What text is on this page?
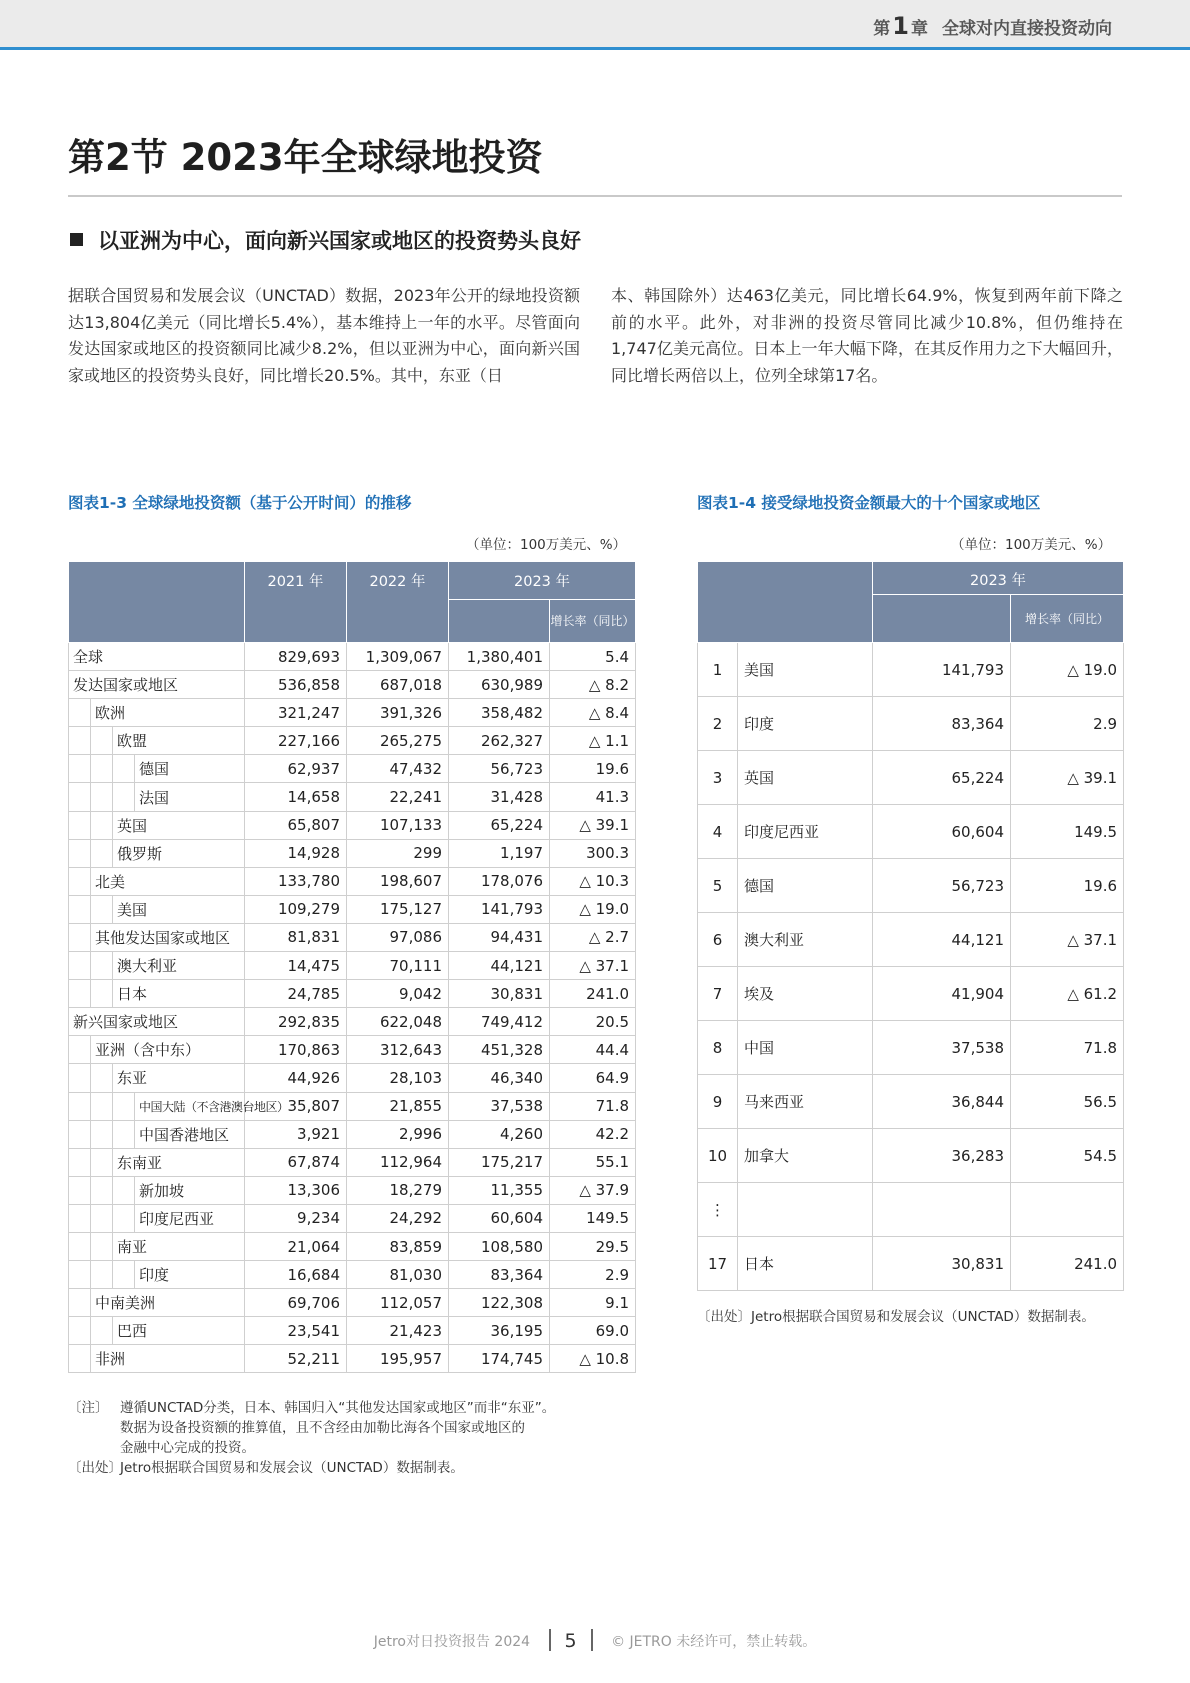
第1 章 全球对内直接投资动向
第2节 2023年全球绿地投资
以亚洲为中心，面向新兴国家或地区的投资势头良好
据联合国贸易和发展会议（UNCTAD）数据，2023年公开的绿地投资额达13,804亿美元（同比增长5.4%），基本维持上一年的水平。尽管面向发达国家或地区的投资额同比减少8.2%，但以亚洲为中心，面向新兴国家或地区的投资势头良好，同比增长20.5%。其中，东亚（日
本、韩国除外）达463亿美元，同比增长64.9%，恢复到两年前下降之前的水平。此外，对非洲的投资尽管同比减少10.8%，但仍维持在1,747亿美元高位。日本上一年大幅下降，在其反作用力之下大幅回升，同比增长两倍以上，位列全球第17名。
图表1-3 全球绿地投资额（基于公开时间）的推移
（单位：100万美元、%）
				2021 年	2022 年	2023 年	
							增长率（同比）
全球				829,693	1,309,067	1,380,401	5.4
发达国家或地区				536,858	687,018	630,989	△ 8.2
	欧洲			321,247	391,326	358,482	△ 8.4
		欧盟		227,166	265,275	262,327	△ 1.1
			德国	62,937	47,432	56,723	19.6
			法国	14,658	22,241	31,428	41.3
		英国		65,807	107,133	65,224	△ 39.1
		俄罗斯		14,928	299	1,197	300.3
	北美			133,780	198,607	178,076	△ 10.3
		美国		109,279	175,127	141,793	△ 19.0
	其他发达国家或地区			81,831	97,086	94,431	△ 2.7
		澳大利亚		14,475	70,111	44,121	△ 37.1
		日本		24,785	9,042	30,831	241.0
新兴国家或地区				292,835	622,048	749,412	20.5
	亚洲（含中东）			170,863	312,643	451,328	44.4
		东亚		44,926	28,103	46,340	64.9
			中国大陆（不含港澳台地区）	35,807	21,855	37,538	71.8
			中国香港地区	3,921	2,996	4,260	42.2
		东南亚		67,874	112,964	175,217	55.1
			新加坡	13,306	18,279	11,355	△ 37.9
			印度尼西亚	9,234	24,292	60,604	149.5
		南亚		21,064	83,859	108,580	29.5
			印度	16,684	81,030	83,364	2.9
	中南美洲			69,706	112,057	122,308	9.1
		巴西		23,541	21,423	36,195	69.0
	非洲			52,211	195,957	174,745	△ 10.8
〔注〕 遵循UNCTAD分类，日本、韩国归入“其他发达国家或地区”而非“东亚”。
数据为设备投资额的推算值，且不含经由加勒比海各个国家或地区的
金融中心完成的投资。
〔出处〕
Jetro根据联合国贸易和发展会议（UNCTAD）数据制表。
图表1-4 接受绿地投资金额最大的十个国家或地区
（单位：100万美元、%）
		2023 年	
			增长率（同比）
1	美国	141,793	△ 19.0
2	印度	83,364	2.9
3	英国	65,224	△ 39.1
4	印度尼西亚	60,604	149.5
5	德国	56,723	19.6
6	澳大利亚	44,121	△ 37.1
7	埃及	41,904	△ 61.2
8	中国	37,538	71.8
9	马来西亚	36,844	56.5
10	加拿大	36,283	54.5
⋮			
17	日本	30,831	241.0
〔出处〕Jetro根据联合国贸易和发展会议（UNCTAD）数据制表。
Jetro对日投资报告 2024 5 © JETRO 未经许可，禁止转载。
